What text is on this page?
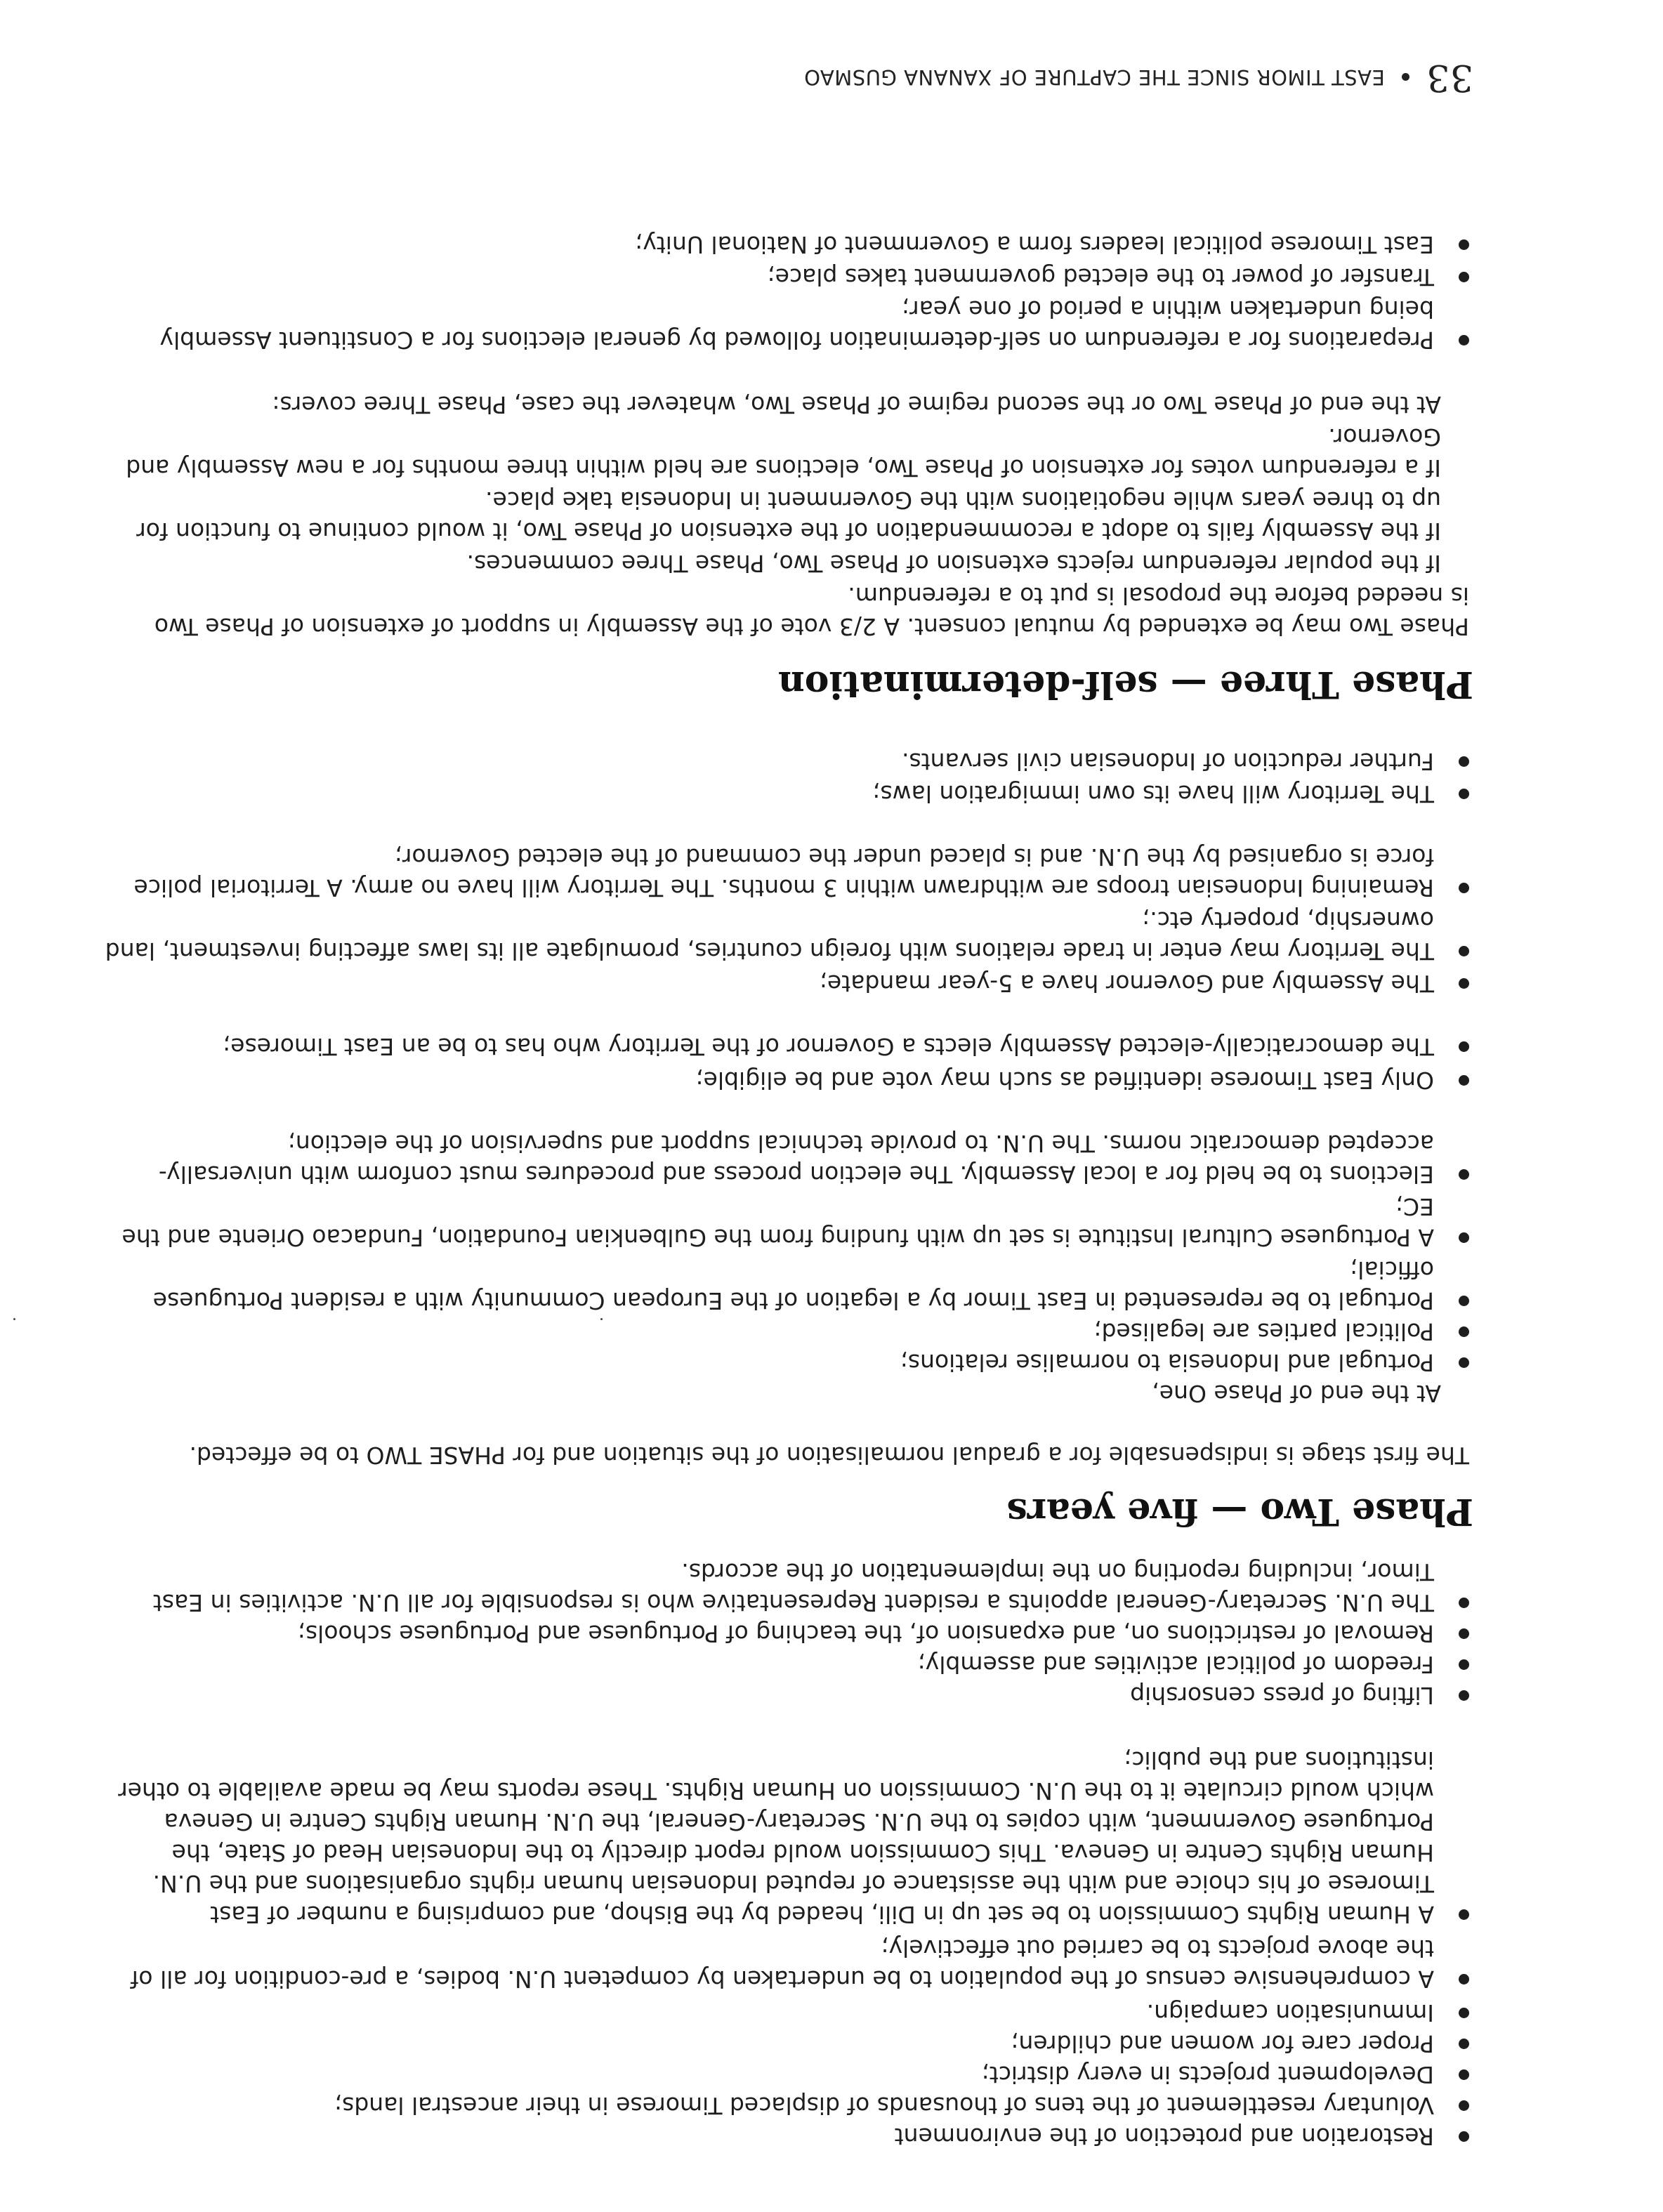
Restoration and protection of the environment
Voluntary resettlement of the tens of thousands of displaced Timorese in their ancestral lands;
Development projects in every district;
Proper care for women and children;
Immunisation campaign.
A comprehensive census of the population to be undertaken by competent U.N. bodies, a pre-condition for all of the above projects to be carried out effectively;
A Human Rights Commission to be set up in Dili, headed by the Bishop, and comprising a number of East Timorese of his choice and with the assistance of reputed Indonesian human rights organisations and the U.N. Human Rights Centre in Geneva. This Commission would report directly to the Indonesian Head of State, the Portuguese Government, with copies to the U.N. Secretary-General, the U.N. Human Rights Centre in Geneva which would circulate it to the U.N. Commission on Human Rights. These reports may be made available to other institutions and the public;
Lifting of press censorship
Freedom of political activities and assembly;
Removal of restrictions on, and expansion of, the teaching of Portuguese and Portuguese schools;
The U.N. Secretary-General appoints a resident Representative who is responsible for all U.N. activities in East Timor, including reporting on the implementation of the accords.
Phase Two — five years
The first stage is indispensable for a gradual normalisation of the situation and for PHASE TWO to be effected.
At the end of Phase One,
Portugal and Indonesia to normalise relations;
Political parties are legalised;
Portugal to be represented in East Timor by a legation of the European Community with a resident Portuguese official;
A Portuguese Cultural Institute is set up with funding from the Gulbenkian Foundation, Fundacao Oriente and the EC;
Elections to be held for a local Assembly. The election process and procedures must conform with universally-accepted democratic norms. The U.N. to provide technical support and supervision of the election;
Only East Timorese identified as such may vote and be eligible;
The democratically-elected Assembly elects a Governor of the Territory who has to be an East Timorese;
The Assembly and Governor have a 5-year mandate;
The Territory may enter in trade relations with foreign countries, promulgate all its laws affecting investment, land ownership, property etc.;
Remaining Indonesian troops are withdrawn within 3 months. The Territory will have no army. A Territorial police force is organised by the U.N. and is placed under the command of the elected Governor;
The Territory will have its own immigration laws;
Further reduction of Indonesian civil servants.
Phase Three — self-determination
Phase Two may be extended by mutual consent. A 2/3 vote of the Assembly in support of extension of Phase Two is needed before the proposal is put to a referendum.
If the popular referendum rejects extension of Phase Two, Phase Three commences.
If the Assembly fails to adopt a recommendation of the extension of Phase Two, it would continue to function for up to three years while negotiations with the Government in Indonesia take place.
If a referendum votes for extension of Phase Two, elections are held within three months for a new Assembly and Governor.
At the end of Phase Two or the second regime of Phase Two, whatever the case, Phase Three covers:
Preparations for a referendum on self-determination followed by general elections for a Constituent Assembly being undertaken within a period of one year;
Transfer of power to the elected government takes place;
East Timorese political leaders form a Government of National Unity;
33
EAST TIMOR SINCE THE CAPTURE OF XANANA GUSMAO
